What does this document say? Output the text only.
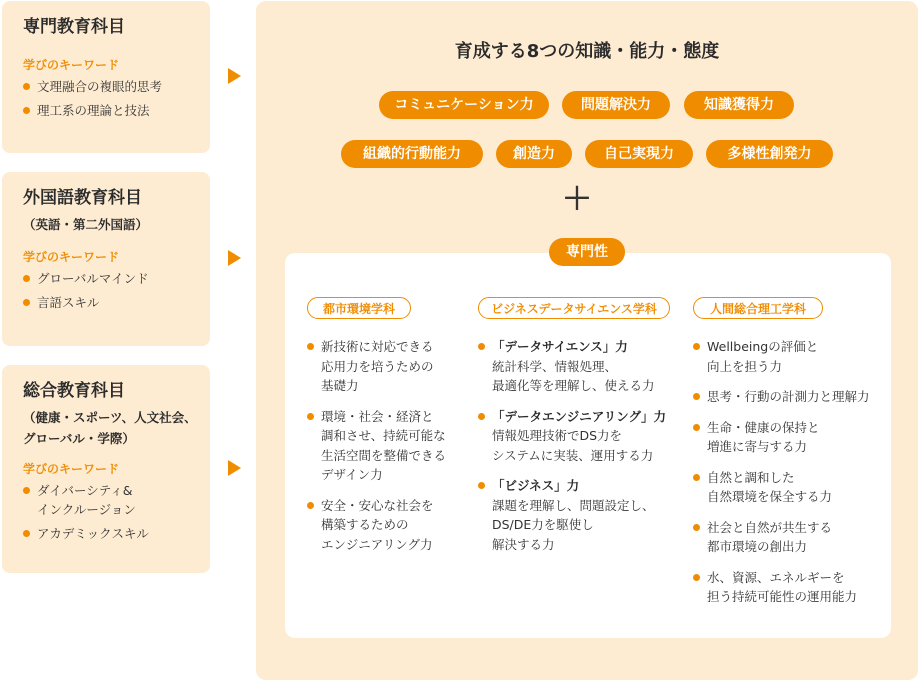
専門教育科目
学びのキーワード
文理融合の複眼的思考
理工系の理論と技法
外国語教育科目
（英語・第二外国語）
学びのキーワード
グローバルマインド
言語スキル
総合教育科目
（健康・スポーツ、人文社会、
グローバル・学際）
学びのキーワード
ダイバーシティ&
インクルージョン
アカデミックスキル
育成する8つの知識・能力・態度
コミュニケーション力	問題解決力	知識獲得力
組織的行動能力	創造力	自己実現力	多様性創発力
＋
都市環境学科
新技術に対応できる
応用力を培うための
基礎力
環境・社会・経済と
調和させ、持続可能な
生活空間を整備できる
デザイン力
安全・安心な社会を
構築するための
エンジニアリング力
ビジネスデータサイエンス学科
「データサイエンス」力
統計科学、情報処理、
最適化等を理解し、使える力
「データエンジニアリング」力
情報処理技術でDS力を
システムに実装、運用する力
「ビジネス」力
課題を理解し、問題設定し、
DS/DE力を駆使し
解決する力
人間総合理工学科
Wellbeingの評価と
向上を担う力
思考・行動の計測力と理解力
生命・健康の保持と
増進に寄与する力
自然と調和した
自然環境を保全する力
社会と自然が共生する
都市環境の創出力
水、資源、エネルギーを
担う持続可能性の運用能力
専門性
